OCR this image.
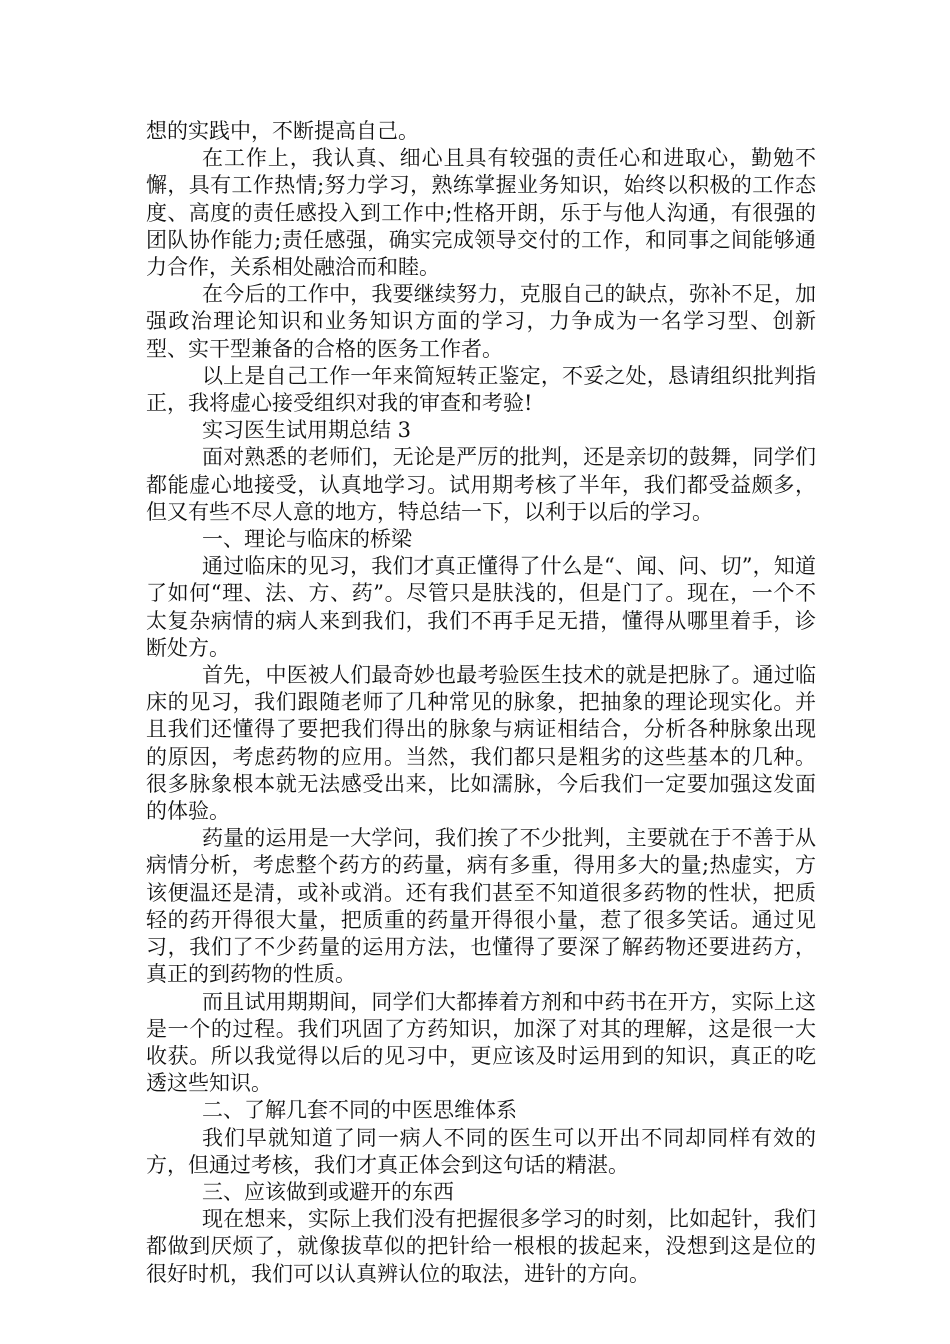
想的实践中，不断提高自己。

在工作上，我认真、细心且具有较强的责任心和进取心，勤勉不懈，具有工作热情;努力学习，熟练掌握业务知识，始终以积极的工作态度、高度的责任感投入到工作中;性格开朗，乐于与他人沟通，有很强的团队协作能力;责任感强，确实完成领导交付的工作，和同事之间能够通力合作，关系相处融洽而和睦。

在今后的工作中，我要继续努力，克服自己的缺点，弥补不足，加强政治理论知识和业务知识方面的学习，力争成为一名学习型、创新型、实干型兼备的合格的医务工作者。

以上是自己工作一年来简短转正鉴定，不妥之处，恳请组织批判指正，我将虚心接受组织对我的审查和考验!

实习医生试用期总结 3

面对熟悉的老师们，无论是严厉的批判，还是亲切的鼓舞，同学们都能虚心地接受，认真地学习。试用期考核了半年，我们都受益颇多，但又有些不尽人意的地方，特总结一下，以利于以后的学习。

一、理论与临床的桥梁

通过临床的见习，我们才真正懂得了什么是“、闻、问、切”，知道了如何“理、法、方、药”。尽管只是肤浅的，但是门了。现在，一个不太复杂病情的病人来到我们，我们不再手足无措，懂得从哪里着手，诊断处方。

首先，中医被人们最奇妙也最考验医生技术的就是把脉了。通过临床的见习，我们跟随老师了几种常见的脉象，把抽象的理论现实化。并且我们还懂得了要把我们得出的脉象与病证相结合，分析各种脉象出现的原因，考虑药物的应用。当然，我们都只是粗劣的这些基本的几种。很多脉象根本就无法感受出来，比如濡脉，今后我们一定要加强这发面的体验。

药量的运用是一大学问，我们挨了不少批判，主要就在于不善于从病情分析，考虑整个药方的药量，病有多重，得用多大的量;热虚实，方该便温还是清，或补或消。还有我们甚至不知道很多药物的性状，把质轻的药开得很大量，把质重的药量开得很小量，惹了很多笑话。通过见习，我们了不少药量的运用方法，也懂得了要深了解药物还要进药方，真正的到药物的性质。

而且试用期期间，同学们大都捧着方剂和中药书在开方，实际上这是一个的过程。我们巩固了方药知识，加深了对其的理解，这是很一大收获。所以我觉得以后的见习中，更应该及时运用到的知识，真正的吃透这些知识。

二、了解几套不同的中医思维体系

我们早就知道了同一病人不同的医生可以开出不同却同样有效的方，但通过考核，我们才真正体会到这句话的精湛。

三、应该做到或避开的东西

现在想来，实际上我们没有把握很多学习的时刻，比如起针，我们都做到厌烦了，就像拔草似的把针给一根根的拔起来，没想到这是位的很好时机，我们可以认真辨认位的取法，进针的方向。
